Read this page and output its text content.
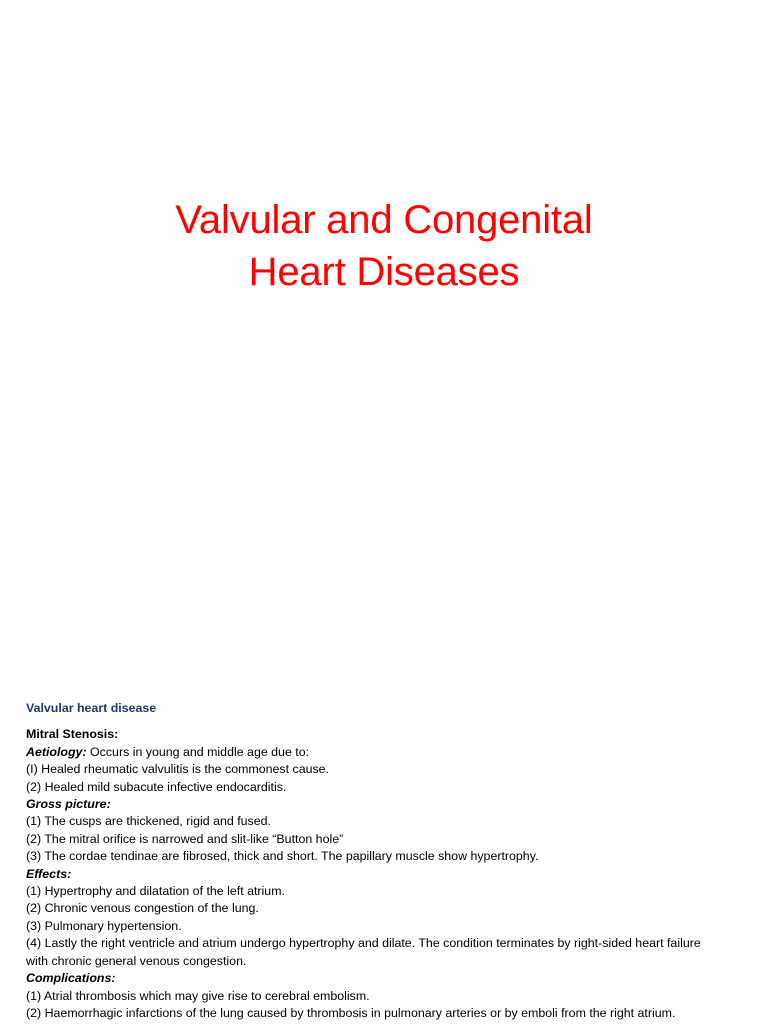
Valvular and Congenital
Heart Diseases
Valvular heart disease
Mitral Stenosis:
Aetiology: Occurs in young and middle age due to:
(I) Healed rheumatic valvulitis is the commonest cause.
(2) Healed mild subacute infective endocarditis.
Gross picture:
(1) The cusps are thickened, rigid and fused.
(2) The mitral orifice is narrowed and slit-like “Button hole”
(3) The cordae tendinae are fibrosed, thick and short. The papillary muscle show hypertrophy.
Effects:
(1) Hypertrophy and dilatation of the left atrium.
(2) Chronic venous congestion of the lung.
(3) Pulmonary hypertension.
(4) Lastly the right ventricle and atrium undergo hypertrophy and dilate. The condition terminates by right-sided heart failure
with chronic general venous congestion.
Complications:
(1) Atrial thrombosis which may give rise to cerebral embolism.
(2) Haemorrhagic infarctions of the lung caused by thrombosis in pulmonary arteries or by emboli from the right atrium.
